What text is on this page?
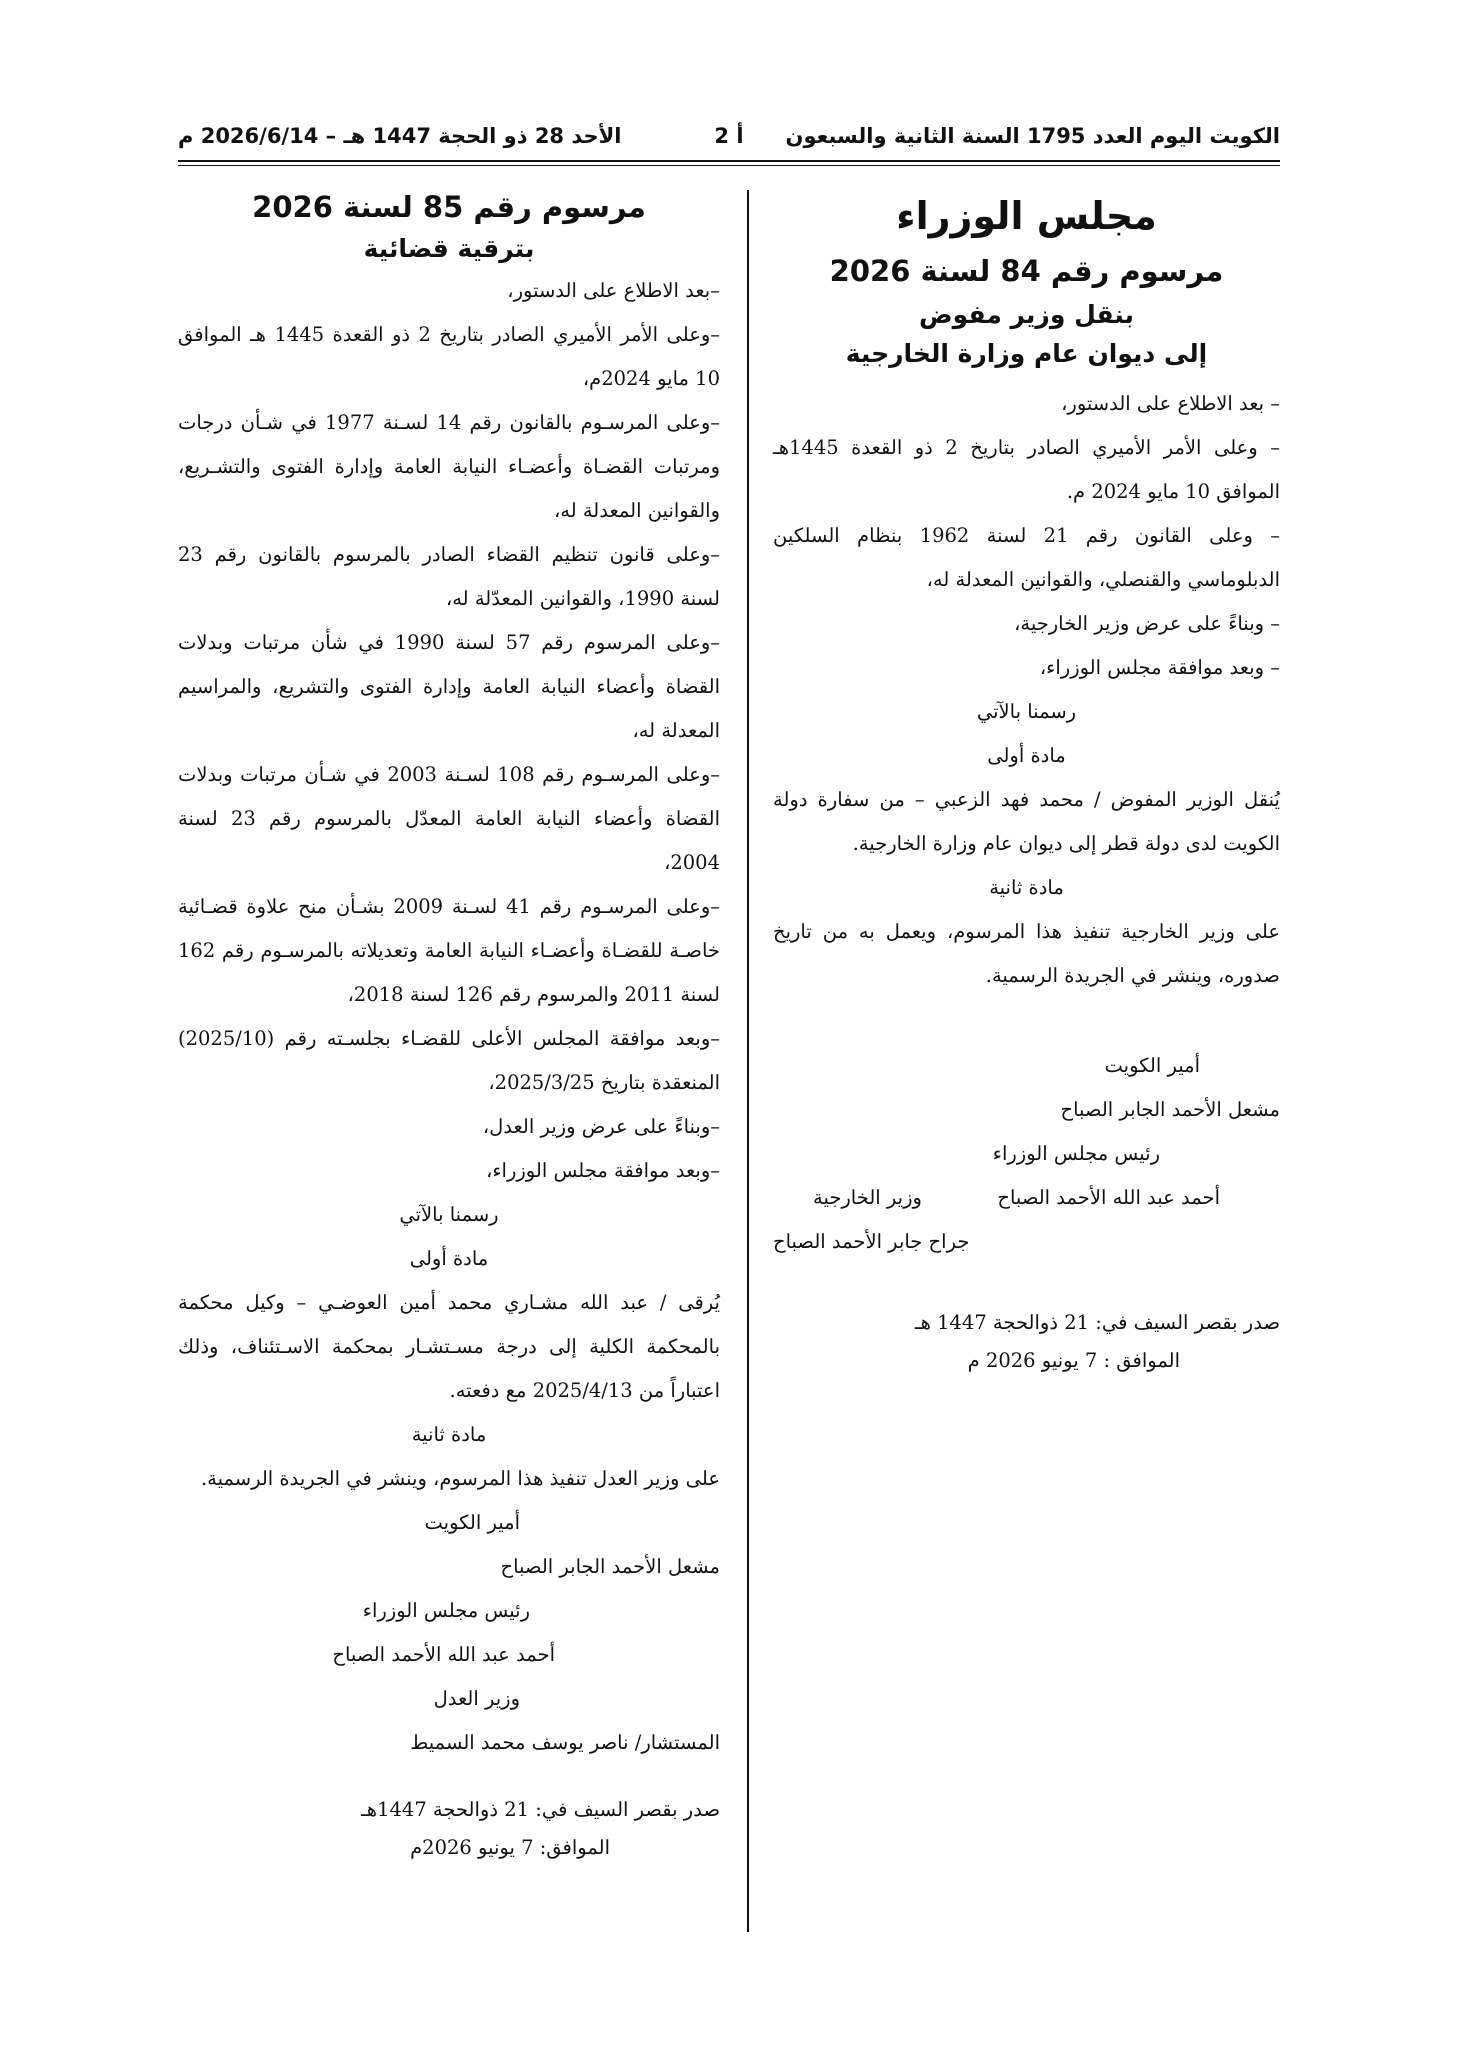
الكويت اليوم العدد 1795 السنة الثانية والسبعون
أ 2
الأحد 28 ذو الحجة 1447 هـ – 2026/6/14 م
مجلس الوزراء
مرسوم رقم 84 لسنة 2026
بنقل وزير مفوض
إلى ديوان عام وزارة الخارجية

– بعد الاطلاع على الدستور،

– وعلى الأمر الأميري الصادر بتاريخ 2 ذو القعدة 1445هـ الموافق 10 مايو 2024 م.

– وعلى القانون رقم 21 لسنة 1962 بنظام السلكين الدبلوماسي والقنصلي، والقوانين المعدلة له،

– وبناءً على عرض وزير الخارجية،

– وبعد موافقة مجلس الوزراء،

رسمنا بالآتي

مادة أولى

يُنقل الوزير المفوض / محمد فهد الزعبي – من سفارة دولة الكويت لدى دولة قطر إلى ديوان عام وزارة الخارجية.

مادة ثانية

على وزير الخارجية تنفيذ هذا المرسوم، ويعمل به من تاريخ صدوره، وينشر في الجريدة الرسمية.

أمير الكويت

مشعل الأحمد الجابر الصباح

رئيس مجلس الوزراء

أحمد عبد الله الأحمد الصباح

وزير الخارجية

جراح جابر الأحمد الصباح

صدر بقصر السيف في: 21 ذوالحجة 1447 هـ

الموافق : 7 يونيو 2026 م

مرسوم رقم 85 لسنة 2026
بترقية قضائية

–بعد الاطلاع على الدستور،

–وعلى الأمر الأميري الصادر بتاريخ 2 ذو القعدة 1445 هـ الموافق 10 مايو 2024م،

–وعلى المرسـوم بالقانون رقم 14 لسـنة 1977 في شـأن درجات ومرتبات القضـاة وأعضـاء النيابة العامة وإدارة الفتوى والتشـريع، والقوانين المعدلة له،

–وعلى قانون تنظيم القضاء الصادر بالمرسوم بالقانون رقم 23 لسنة 1990، والقوانين المعدّلة له،

–وعلى المرسوم رقم 57 لسنة 1990 في شأن مرتبات وبدلات القضاة وأعضاء النيابة العامة وإدارة الفتوى والتشريع، والمراسيم المعدلة له،

–وعلى المرسـوم رقم 108 لسـنة 2003 في شـأن مرتبات وبدلات القضاة وأعضاء النيابة العامة المعدّل بالمرسوم رقم 23 لسنة 2004،

–وعلى المرسـوم رقم 41 لسـنة 2009 بشـأن منح علاوة قضـائية خاصـة للقضـاة وأعضـاء النيابة العامة وتعديلاته بالمرسـوم رقم 162 لسنة 2011 والمرسوم رقم 126 لسنة 2018،

–وبعد موافقة المجلس الأعلى للقضـاء بجلسـته رقم (2025/10) المنعقدة بتاريخ 2025/3/25،

–وبناءً على عرض وزير العدل،

–وبعد موافقة مجلس الوزراء،

رسمنا بالآتي

مادة أولى

يُرقى / عبد الله مشـاري محمد أمين العوضـي – وكيل محكمة بالمحكمة الكلية إلى درجة مسـتشـار بمحكمة الاسـتئناف، وذلك اعتباراً من 2025/4/13 مع دفعته.

مادة ثانية

على وزير العدل تنفيذ هذا المرسوم، وينشر في الجريدة الرسمية.

أمير الكويت

مشعل الأحمد الجابر الصباح

رئيس مجلس الوزراء

أحمد عبد الله الأحمد الصباح

وزير العدل

المستشار/ ناصر يوسف محمد السميط

صدر بقصر السيف في: 21 ذوالحجة 1447هـ

الموافق: 7 يونيو 2026م
